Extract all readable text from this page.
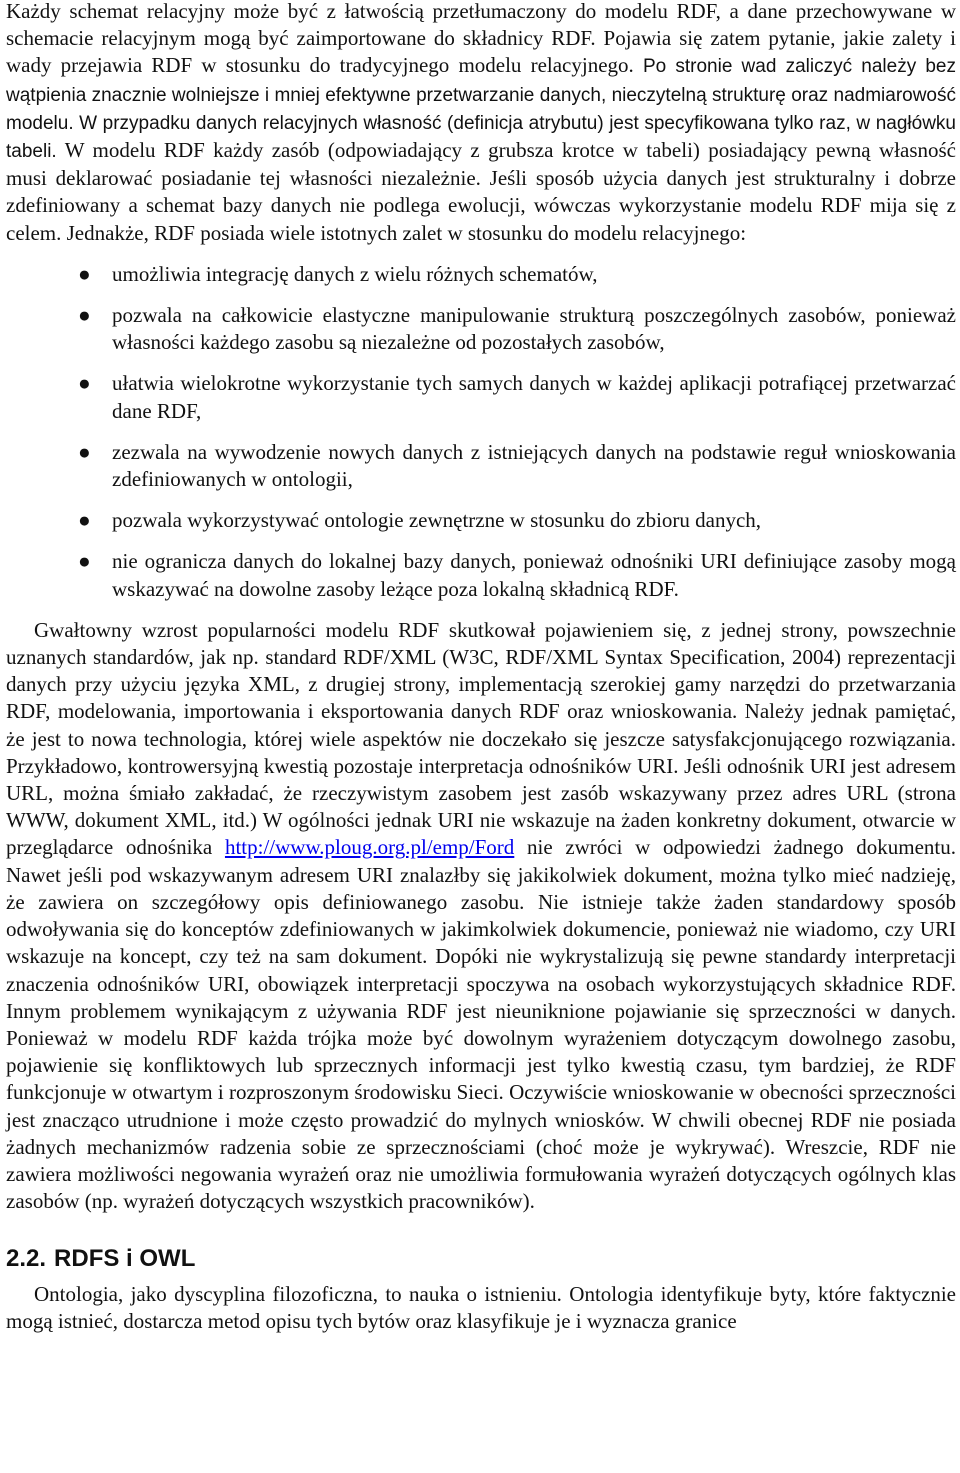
Każdy schemat relacyjny może być z łatwością przetłumaczony do modelu RDF, a dane przechowywane w schemacie relacyjnym mogą być zaimportowane do składnicy RDF. Pojawia się zatem pytanie, jakie zalety i wady przejawia RDF w stosunku do tradycyjnego modelu relacyjnego. Po stronie wad zaliczyć należy bez wątpienia znacznie wolniejsze i mniej efektywne przetwarzanie danych, nieczytelną strukturę oraz nadmiarowość modelu. W przypadku danych relacyjnych własność (definicja atrybutu) jest specyfikowana tylko raz, w nagłówku tabeli. W modelu RDF każdy zasób (odpowiadający z grubsza krotce w tabeli) posiadający pewną własność musi deklarować posiadanie tej własności niezależnie. Jeśli sposób użycia danych jest strukturalny i dobrze zdefiniowany a schemat bazy danych nie podlega ewolucji, wówczas wykorzystanie modelu RDF mija się z celem. Jednakże, RDF posiada wiele istotnych zalet w stosunku do modelu relacyjnego:

● umożliwia integrację danych z wielu różnych schematów,
● pozwala na całkowicie elastyczne manipulowanie strukturą poszczególnych zasobów, ponieważ własności każdego zasobu są niezależne od pozostałych zasobów,
● ułatwia wielokrotne wykorzystanie tych samych danych w każdej aplikacji potrafiącej przetwarzać dane RDF,
● zezwala na wywodzenie nowych danych z istniejących danych na podstawie reguł wnioskowania zdefiniowanych w ontologii,
● pozwala wykorzystywać ontologie zewnętrzne w stosunku do zbioru danych,
● nie ogranicza danych do lokalnej bazy danych, ponieważ odnośniki URI definiujące zasoby mogą wskazywać na dowolne zasoby leżące poza lokalną składnicą RDF.

Gwałtowny wzrost popularności modelu RDF skutkował pojawieniem się, z jednej strony, powszechnie uznanych standardów, jak np. standard RDF/XML (W3C, RDF/XML Syntax Specification, 2004) reprezentacji danych przy użyciu języka XML, z drugiej strony, implementacją szerokiej gamy narzędzi do przetwarzania RDF, modelowania, importowania i eksportowania danych RDF oraz wnioskowania. Należy jednak pamiętać, że jest to nowa technologia, której wiele aspektów nie doczekało się jeszcze satysfakcjonującego rozwiązania. Przykładowo, kontrowersyjną kwestią pozostaje interpretacja odnośników URI. Jeśli odnośnik URI jest adresem URL, można śmiało zakładać, że rzeczywistym zasobem jest zasób wskazywany przez adres URL (strona WWW, dokument XML, itd.) W ogólności jednak URI nie wskazuje na żaden konkretny dokument, otwarcie w przeglądarce odnośnika http://www.ploug.org.pl/emp/Ford nie zwróci w odpowiedzi żadnego dokumentu. Nawet jeśli pod wskazywanym adresem URI znalazłby się jakikolwiek dokument, można tylko mieć nadzieję, że zawiera on szczegółowy opis definiowanego zasobu. Nie istnieje także żaden standardowy sposób odwoływania się do konceptów zdefiniowanych w jakimkolwiek dokumencie, ponieważ nie wiadomo, czy URI wskazuje na koncept, czy też na sam dokument. Dopóki nie wykrystalizują się pewne standardy interpretacji znaczenia odnośników URI, obowiązek interpretacji spoczywa na osobach wykorzystujących składnice RDF. Innym problemem wynikającym z używania RDF jest nieuniknione pojawianie się sprzeczności w danych. Ponieważ w modelu RDF każda trójka może być dowolnym wyrażeniem dotyczącym dowolnego zasobu, pojawienie się konfliktowych lub sprzecznych informacji jest tylko kwestią czasu, tym bardziej, że RDF funkcjonuje w otwartym i rozproszonym środowisku Sieci. Oczywiście wnioskowanie w obecności sprzeczności jest znacząco utrudnione i może często prowadzić do mylnych wniosków. W chwili obecnej RDF nie posiada żadnych mechanizmów radzenia sobie ze sprzecznościami (choć może je wykrywać). Wreszcie, RDF nie zawiera możliwości negowania wyrażeń oraz nie umożliwia formułowania wyrażeń dotyczących ogólnych klas zasobów (np. wyrażeń dotyczących wszystkich pracowników).

2.2. RDFS i OWL

Ontologia, jako dyscyplina filozoficzna, to nauka o istnieniu. Ontologia identyfikuje byty, które faktycznie mogą istnieć, dostarcza metod opisu tych bytów oraz klasyfikuje je i wyznacza granice
